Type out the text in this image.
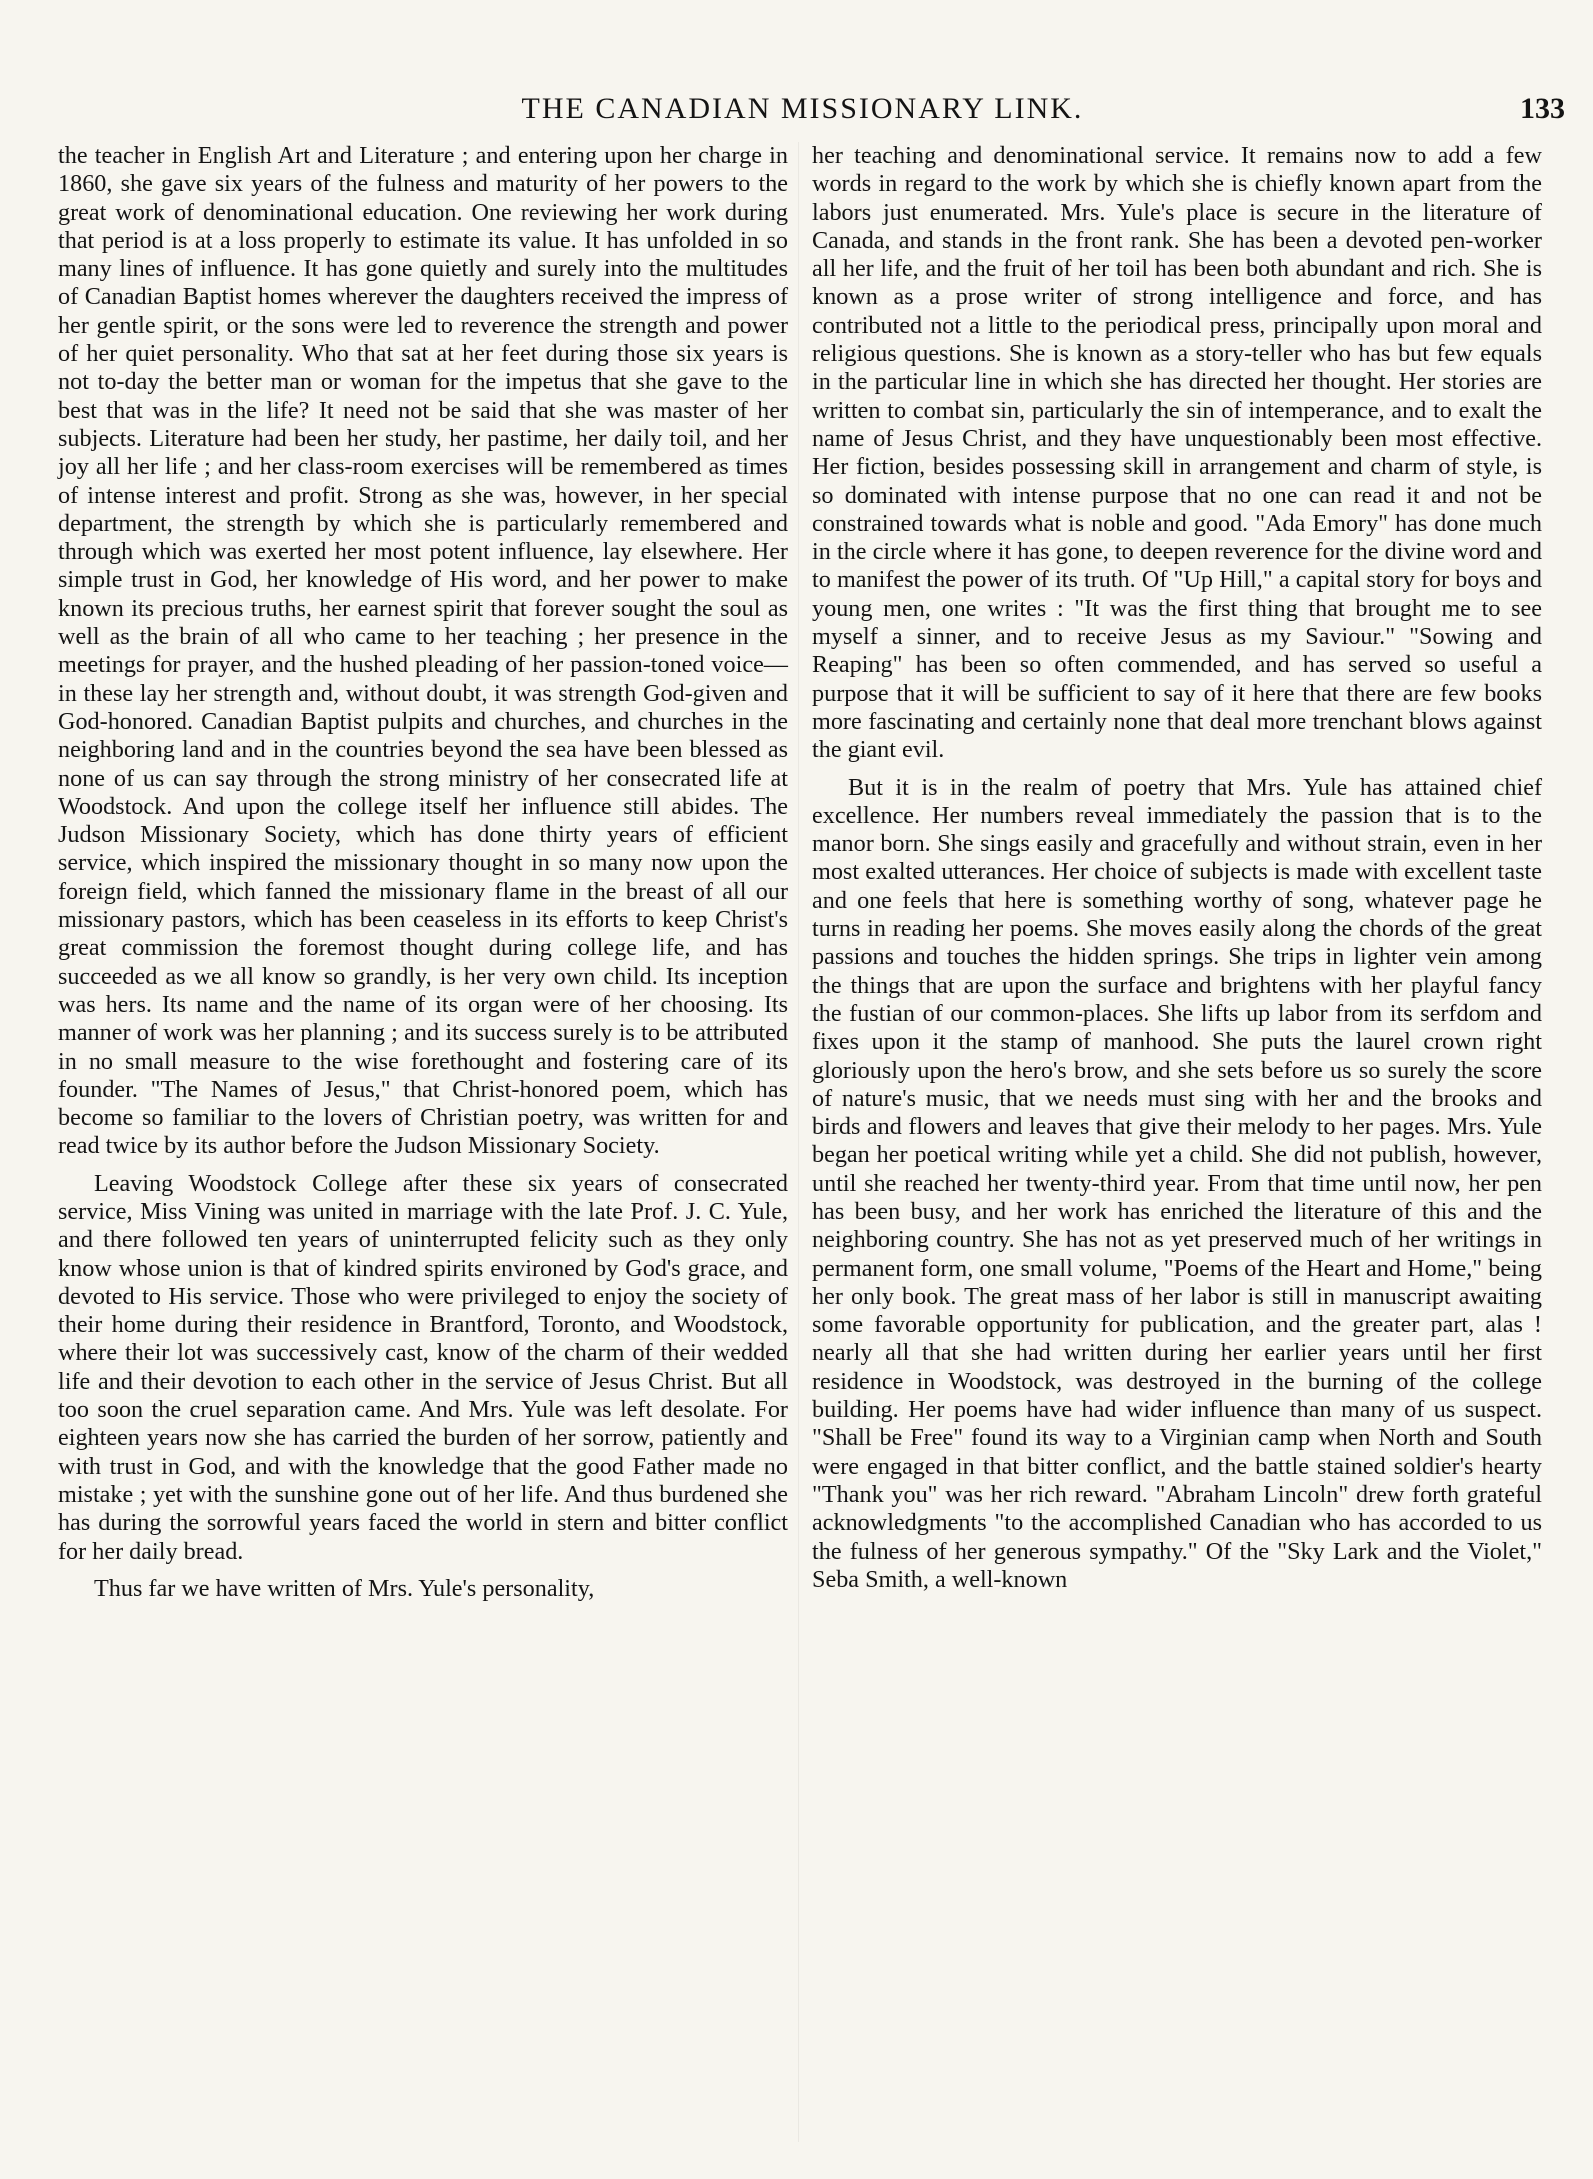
THE CANADIAN MISSIONARY LINK.	133

the teacher in English Art and Literature ; and entering upon her charge in 1860, she gave six years of the fulness and maturity of her powers to the great work of denominational education. One reviewing her work during that period is at a loss properly to estimate its value. It has unfolded in so many lines of influence. It has gone quietly and surely into the multitudes of Canadian Baptist homes wherever the daughters received the impress of her gentle spirit, or the sons were led to reverence the strength and power of her quiet personality. Who that sat at her feet during those six years is not to-day the better man or woman for the impetus that she gave to the best that was in the life? It need not be said that she was master of her subjects. Literature had been her study, her pastime, her daily toil, and her joy all her life ; and her class-room exercises will be remembered as times of intense interest and profit. Strong as she was, however, in her special department, the strength by which she is particularly remembered and through which was exerted her most potent influence, lay elsewhere. Her simple trust in God, her knowledge of His word, and her power to make known its precious truths, her earnest spirit that forever sought the soul as well as the brain of all who came to her teaching ; her presence in the meetings for prayer, and the hushed pleading of her passion-toned voice—in these lay her strength and, without doubt, it was strength God-given and God-honored. Canadian Baptist pulpits and churches, and churches in the neighboring land and in the countries beyond the sea have been blessed as none of us can say through the strong ministry of her consecrated life at Woodstock. And upon the college itself her influence still abides. The Judson Missionary Society, which has done thirty years of efficient service, which inspired the missionary thought in so many now upon the foreign field, which fanned the missionary flame in the breast of all our missionary pastors, which has been ceaseless in its efforts to keep Christ's great commission the foremost thought during college life, and has succeeded as we all know so grandly, is her very own child. Its inception was hers. Its name and the name of its organ were of her choosing. Its manner of work was her planning ; and its success surely is to be attributed in no small measure to the wise forethought and fostering care of its founder. "The Names of Jesus," that Christ-honored poem, which has become so familiar to the lovers of Christian poetry, was written for and read twice by its author before the Judson Missionary Society.

Leaving Woodstock College after these six years of consecrated service, Miss Vining was united in marriage with the late Prof. J. C. Yule, and there followed ten years of uninterrupted felicity such as they only know whose union is that of kindred spirits environed by God's grace, and devoted to His service. Those who were privileged to enjoy the society of their home during their residence in Brantford, Toronto, and Woodstock, where their lot was successively cast, know of the charm of their wedded life and their devotion to each other in the service of Jesus Christ. But all too soon the cruel separation came. And Mrs. Yule was left desolate. For eighteen years now she has carried the burden of her sorrow, patiently and with trust in God, and with the knowledge that the good Father made no mistake ; yet with the sunshine gone out of her life. And thus burdened she has during the sorrowful years faced the world in stern and bitter conflict for her daily bread.

Thus far we have written of Mrs. Yule's personality,

her teaching and denominational service. It remains now to add a few words in regard to the work by which she is chiefly known apart from the labors just enumerated. Mrs. Yule's place is secure in the literature of Canada, and stands in the front rank. She has been a devoted pen-worker all her life, and the fruit of her toil has been both abundant and rich. She is known as a prose writer of strong intelligence and force, and has contributed not a little to the periodical press, principally upon moral and religious questions. She is known as a story-teller who has but few equals in the particular line in which she has directed her thought. Her stories are written to combat sin, particularly the sin of intemperance, and to exalt the name of Jesus Christ, and they have unquestionably been most effective. Her fiction, besides possessing skill in arrangement and charm of style, is so dominated with intense purpose that no one can read it and not be constrained towards what is noble and good. "Ada Emory" has done much in the circle where it has gone, to deepen reverence for the divine word and to manifest the power of its truth. Of "Up Hill," a capital story for boys and young men, one writes : "It was the first thing that brought me to see myself a sinner, and to receive Jesus as my Saviour." "Sowing and Reaping" has been so often commended, and has served so useful a purpose that it will be sufficient to say of it here that there are few books more fascinating and certainly none that deal more trenchant blows against the giant evil.

But it is in the realm of poetry that Mrs. Yule has attained chief excellence. Her numbers reveal immediately the passion that is to the manor born. She sings easily and gracefully and without strain, even in her most exalted utterances. Her choice of subjects is made with excellent taste and one feels that here is something worthy of song, whatever page he turns in reading her poems. She moves easily along the chords of the great passions and touches the hidden springs. She trips in lighter vein among the things that are upon the surface and brightens with her playful fancy the fustian of our common-places. She lifts up labor from its serfdom and fixes upon it the stamp of manhood. She puts the laurel crown right gloriously upon the hero's brow, and she sets before us so surely the score of nature's music, that we needs must sing with her and the brooks and birds and flowers and leaves that give their melody to her pages. Mrs. Yule began her poetical writing while yet a child. She did not publish, however, until she reached her twenty-third year. From that time until now, her pen has been busy, and her work has enriched the literature of this and the neighboring country. She has not as yet preserved much of her writings in permanent form, one small volume, "Poems of the Heart and Home," being her only book. The great mass of her labor is still in manuscript awaiting some favorable opportunity for publication, and the greater part, alas ! nearly all that she had written during her earlier years until her first residence in Woodstock, was destroyed in the burning of the college building. Her poems have had wider influence than many of us suspect. "Shall be Free" found its way to a Virginian camp when North and South were engaged in that bitter conflict, and the battle stained soldier's hearty "Thank you" was her rich reward. "Abraham Lincoln" drew forth grateful acknowledgments "to the accomplished Canadian who has accorded to us the fulness of her generous sympathy." Of the "Sky Lark and the Violet," Seba Smith, a well-known
